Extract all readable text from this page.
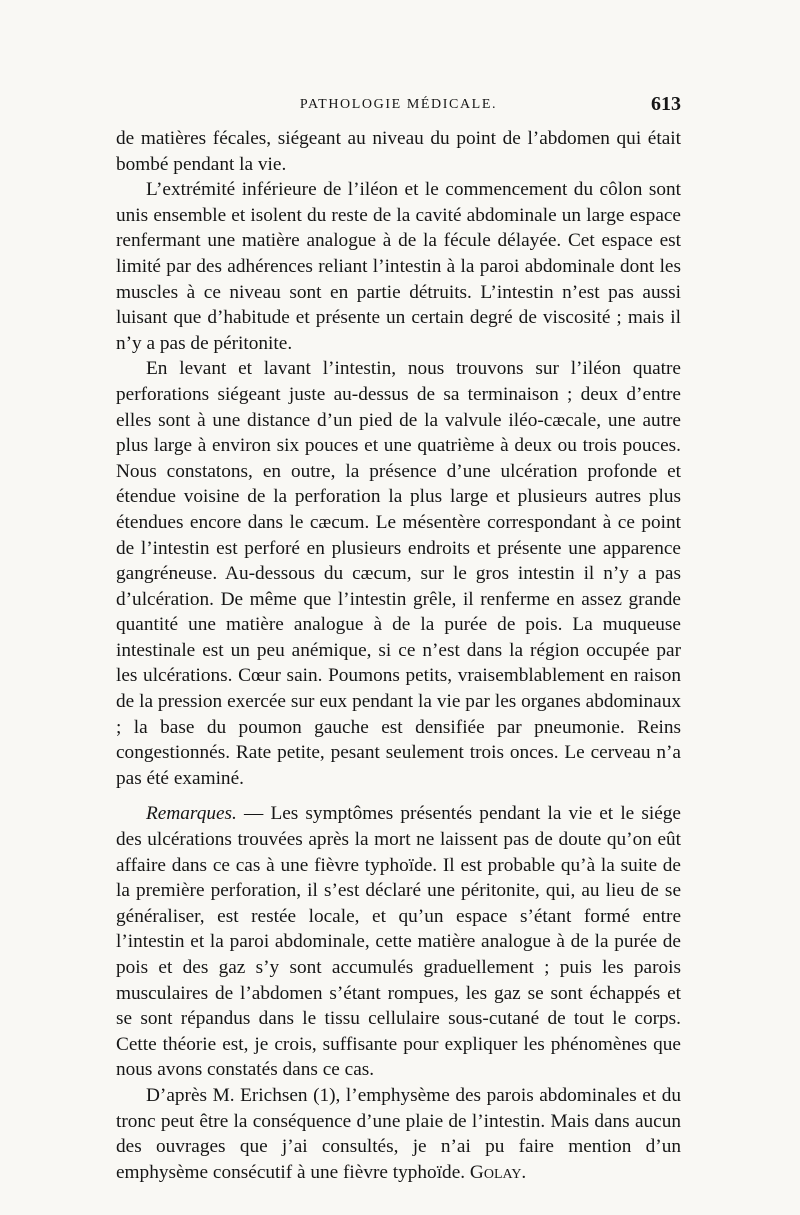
PATHOLOGIE MÉDICALE.	613

de matières fécales, siégeant au niveau du point de l’abdomen qui était bombé pendant la vie.

L’extrémité inférieure de l’iléon et le commencement du côlon sont unis ensemble et isolent du reste de la cavité abdominale un large espace renfermant une matière analogue à de la fécule délayée. Cet espace est limité par des adhérences reliant l’intestin à la paroi abdominale dont les muscles à ce niveau sont en partie détruits. L’intestin n’est pas aussi luisant que d’habitude et présente un certain degré de viscosité ; mais il n’y a pas de péritonite.

En levant et lavant l’intestin, nous trouvons sur l’iléon quatre perforations siégeant juste au-dessus de sa terminaison ; deux d’entre elles sont à une distance d’un pied de la valvule iléo-cæcale, une autre plus large à environ six pouces et une quatrième à deux ou trois pouces. Nous constatons, en outre, la présence d’une ulcération profonde et étendue voisine de la perforation la plus large et plusieurs autres plus étendues encore dans le cæcum. Le mésentère correspondant à ce point de l’intestin est perforé en plusieurs endroits et présente une apparence gangréneuse. Au-dessous du cæcum, sur le gros intestin il n’y a pas d’ulcération. De même que l’intestin grêle, il renferme en assez grande quantité une matière analogue à de la purée de pois. La muqueuse intestinale est un peu anémique, si ce n’est dans la région occupée par les ulcérations. Cœur sain. Poumons petits, vraisemblablement en raison de la pression exercée sur eux pendant la vie par les organes abdominaux ; la base du poumon gauche est densifiée par pneumonie. Reins congestionnés. Rate petite, pesant seulement trois onces. Le cerveau n’a pas été examiné.

Remarques. — Les symptômes présentés pendant la vie et le siége des ulcérations trouvées après la mort ne laissent pas de doute qu’on eût affaire dans ce cas à une fièvre typhoïde. Il est probable qu’à la suite de la première perforation, il s’est déclaré une péritonite, qui, au lieu de se généraliser, est restée locale, et qu’un espace s’étant formé entre l’intestin et la paroi abdominale, cette matière analogue à de la purée de pois et des gaz s’y sont accumulés graduellement ; puis les parois musculaires de l’abdomen s’étant rompues, les gaz se sont échappés et se sont répandus dans le tissu cellulaire sous-cutané de tout le corps. Cette théorie est, je crois, suffisante pour expliquer les phénomènes que nous avons constatés dans ce cas.

D’après M. Erichsen (1), l’emphysème des parois abdominales et du tronc peut être la conséquence d’une plaie de l’intestin. Mais dans aucun des ouvrages que j’ai consultés, je n’ai pu faire mention d’un emphysème consécutif à une fièvre typhoïde. Golay.
